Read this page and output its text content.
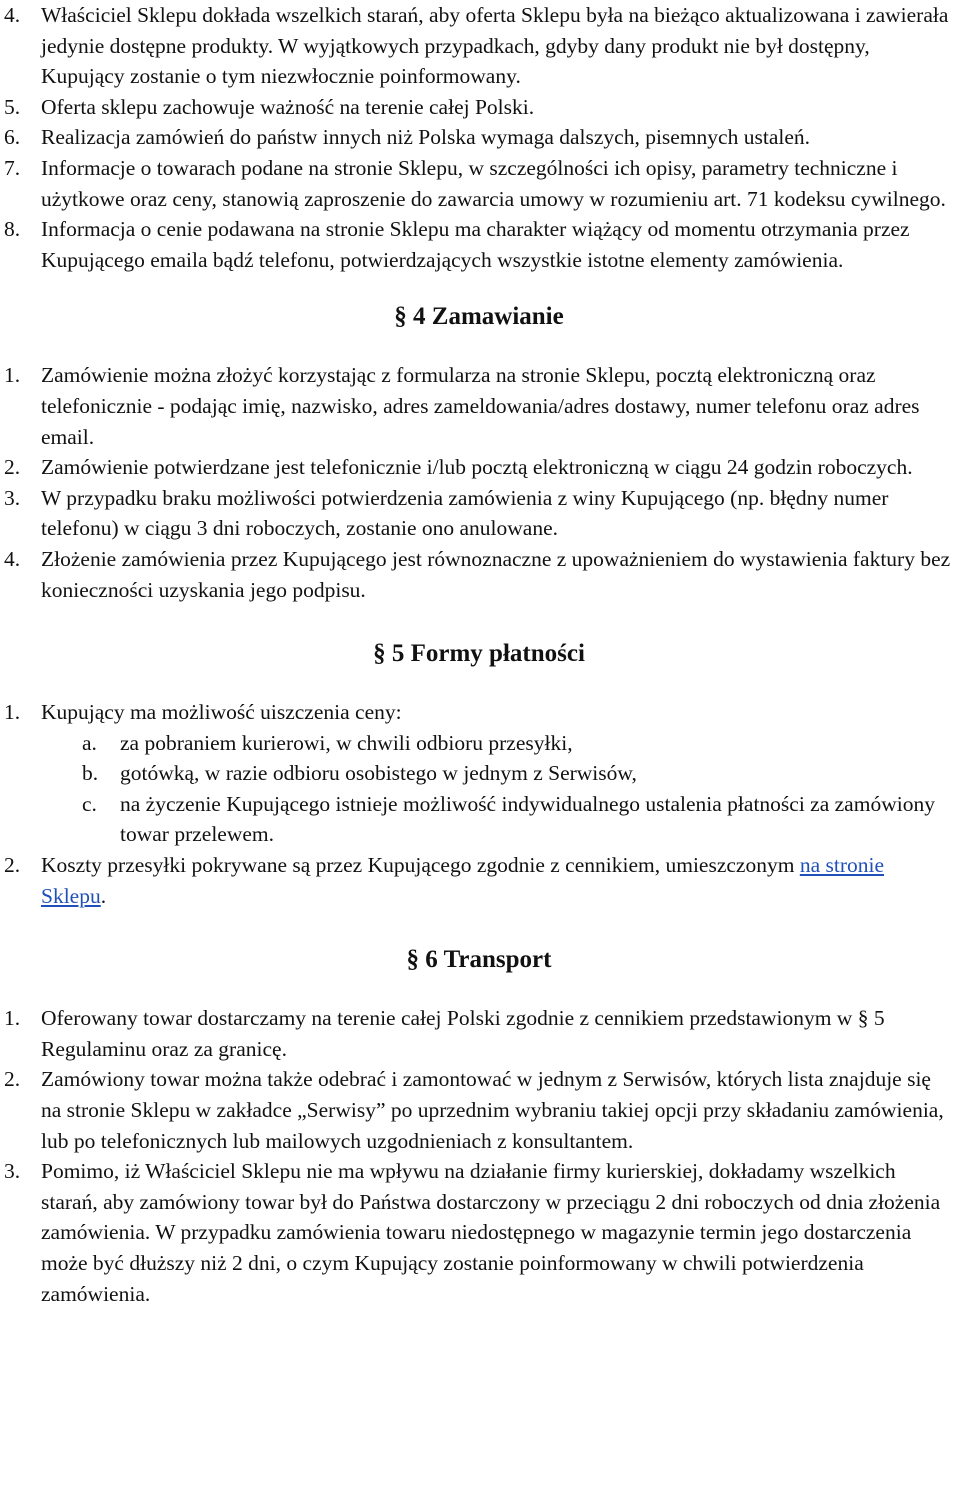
4. Właściciel Sklepu dokłada wszelkich starań, aby oferta Sklepu była na bieżąco aktualizowana i zawierała jedynie dostępne produkty. W wyjątkowych przypadkach, gdyby dany produkt nie był dostępny, Kupujący zostanie o tym niezwłocznie poinformowany.
5. Oferta sklepu zachowuje ważność na terenie całej Polski.
6. Realizacja zamówień do państw innych niż Polska wymaga dalszych, pisemnych ustaleń.
7. Informacje o towarach podane na stronie Sklepu, w szczególności ich opisy, parametry techniczne i użytkowe oraz ceny, stanowią zaproszenie do zawarcia umowy w rozumieniu art. 71 kodeksu cywilnego.
8. Informacja o cenie podawana na stronie Sklepu ma charakter wiążący od momentu otrzymania przez Kupującego emaila bądź telefonu, potwierdzających wszystkie istotne elementy zamówienia.
§ 4 Zamawianie
1. Zamówienie można złożyć korzystając z formularza na stronie Sklepu, pocztą elektroniczną oraz telefonicznie - podając imię, nazwisko, adres zameldowania/adres dostawy, numer telefonu oraz adres email.
2. Zamówienie potwierdzane jest telefonicznie i/lub pocztą elektroniczną w ciągu 24 godzin roboczych.
3. W przypadku braku możliwości potwierdzenia zamówienia z winy Kupującego (np. błędny numer telefonu) w ciągu 3 dni roboczych, zostanie ono anulowane.
4. Złożenie zamówienia przez Kupującego jest równoznaczne z upoważnieniem do wystawienia faktury bez konieczności uzyskania jego podpisu.
§ 5 Formy płatności
1. Kupujący ma możliwość uiszczenia ceny:
a. za pobraniem kurierowi, w chwili odbioru przesyłki,
b. gotówką, w razie odbioru osobistego w jednym z Serwisów,
c. na życzenie Kupującego istnieje możliwość indywidualnego ustalenia płatności za zamówiony towar przelewem.
2. Koszty przesyłki pokrywane są przez Kupującego zgodnie z cennikiem, umieszczonym na stronie Sklepu.
§ 6 Transport
1. Oferowany towar dostarczamy na terenie całej Polski zgodnie z cennikiem przedstawionym w § 5 Regulaminu oraz za granicę.
2. Zamówiony towar można także odebrać i zamontować w jednym z Serwisów, których lista znajduje się na stronie Sklepu w zakładce „Serwisy” po uprzednim wybraniu takiej opcji przy składaniu zamówienia, lub po telefonicznych lub mailowych uzgodnieniach z konsultantem.
3. Pomimo, iż Właściciel Sklepu nie ma wpływu na działanie firmy kurierskiej, dokładamy wszelkich starań, aby zamówiony towar był do Państwa dostarczony w przeciągu 2 dni roboczych od dnia złożenia zamówienia. W przypadku zamówienia towaru niedostępnego w magazynie termin jego dostarczenia może być dłuższy niż 2 dni, o czym Kupujący zostanie poinformowany w chwili potwierdzenia zamówienia.
